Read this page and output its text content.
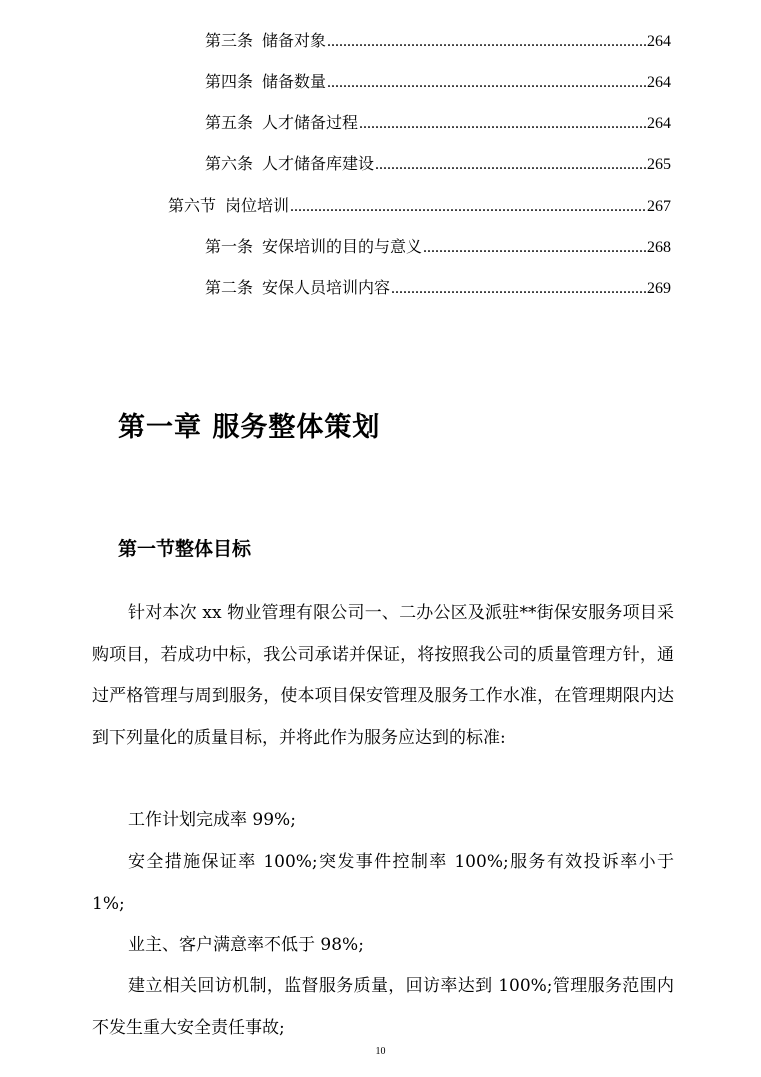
第三条 储备对象 .....	264
第四条 储备数量 .....	264
第五条 人才储备过程 .....	264
第六条 人才储备库建设 .....	265
第六节 岗位培训 .....	267
第一条 安保培训的目的与意义 .....	268
第二条 安保人员培训内容 .....	269
第一章 服务整体策划
第一节整体目标

针对本次 xx 物业管理有限公司一、二办公区及派驻**街保安服务项目采购项目，若成功中标，我公司承诺并保证，将按照我公司的质量管理方针，通过严格管理与周到服务，使本项目保安管理及服务工作水准，在管理期限内达到下列量化的质量目标，并将此作为服务应达到的标准:

工作计划完成率 99%;

安全措施保证率 100%;突发事件控制率 100%;服务有效投诉率小于 1%;

业主、客户满意率不低于 98%;

建立相关回访机制，监督服务质量，回访率达到 100%;管理服务范围内不发生重大安全责任事故;

10
